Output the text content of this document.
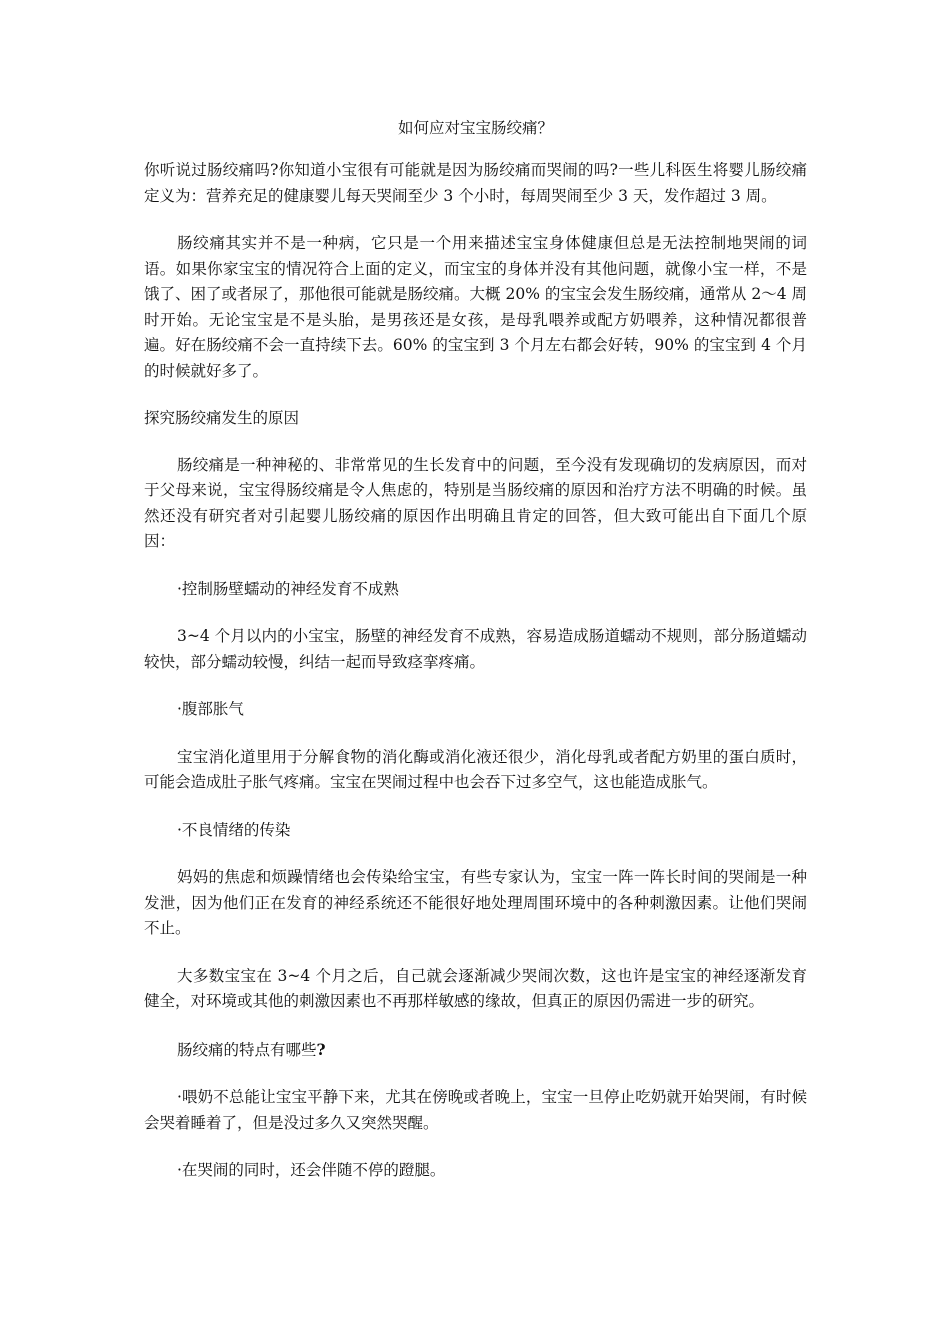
如何应对宝宝肠绞痛？

你听说过肠绞痛吗?你知道小宝很有可能就是因为肠绞痛而哭闹的吗?一些儿科医生将婴儿肠绞痛定义为：营养充足的健康婴儿每天哭闹至少 3 个小时，每周哭闹至少 3 天，发作超过 3 周。

肠绞痛其实并不是一种病，它只是一个用来描述宝宝身体健康但总是无法控制地哭闹的词语。如果你家宝宝的情况符合上面的定义，而宝宝的身体并没有其他问题，就像小宝一样，不是饿了、困了或者尿了，那他很可能就是肠绞痛。大概 20% 的宝宝会发生肠绞痛，通常从 2～4 周时开始。无论宝宝是不是头胎，是男孩还是女孩，是母乳喂养或配方奶喂养，这种情况都很普遍。好在肠绞痛不会一直持续下去。60% 的宝宝到 3 个月左右都会好转，90% 的宝宝到 4 个月的时候就好多了。

探究肠绞痛发生的原因

肠绞痛是一种神秘的、非常常见的生长发育中的问题，至今没有发现确切的发病原因，而对于父母来说，宝宝得肠绞痛是令人焦虑的，特别是当肠绞痛的原因和治疗方法不明确的时候。虽然还没有研究者对引起婴儿肠绞痛的原因作出明确且肯定的回答，但大致可能出自下面几个原因：

·控制肠壁蠕动的神经发育不成熟

3~4 个月以内的小宝宝，肠壁的神经发育不成熟，容易造成肠道蠕动不规则，部分肠道蠕动较快，部分蠕动较慢，纠结一起而导致痉挛疼痛。

·腹部胀气

宝宝消化道里用于分解食物的消化酶或消化液还很少，消化母乳或者配方奶里的蛋白质时，可能会造成肚子胀气疼痛。宝宝在哭闹过程中也会吞下过多空气，这也能造成胀气。

·不良情绪的传染

妈妈的焦虑和烦躁情绪也会传染给宝宝，有些专家认为，宝宝一阵一阵长时间的哭闹是一种发泄，因为他们正在发育的神经系统还不能很好地处理周围环境中的各种刺激因素。让他们哭闹不止。

大多数宝宝在 3~4 个月之后，自己就会逐渐减少哭闹次数，这也许是宝宝的神经逐渐发育健全，对环境或其他的刺激因素也不再那样敏感的缘故，但真正的原因仍需进一步的研究。

肠绞痛的特点有哪些?

·喂奶不总能让宝宝平静下来，尤其在傍晚或者晚上，宝宝一旦停止吃奶就开始哭闹，有时候会哭着睡着了，但是没过多久又突然哭醒。

·在哭闹的同时，还会伴随不停的蹬腿。
